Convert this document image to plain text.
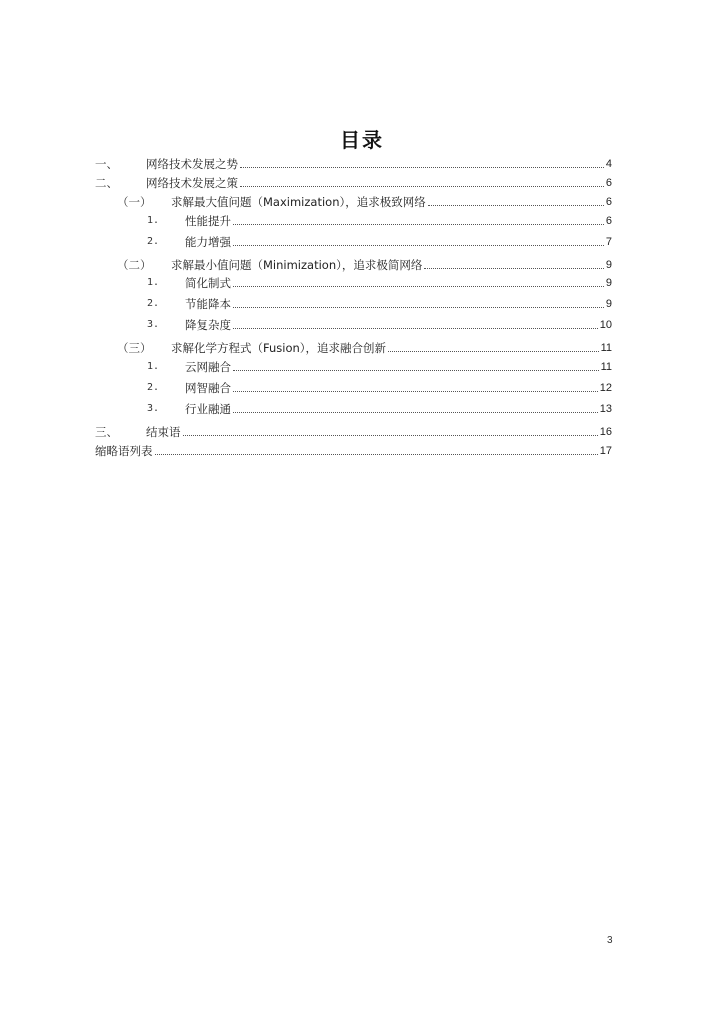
目录
一、	网络技术发展之势	4
二、	网络技术发展之策	6
（一）	求解最大值问题（Maximization），追求极致网络	6
1.	性能提升	6
2.	能力增强	7
（二）	求解最小值问题（Minimization），追求极简网络	9
1.	简化制式	9
2.	节能降本	9
3.	降复杂度	10
（三）	求解化学方程式（Fusion），追求融合创新	11
1.	云网融合	11
2.	网智融合	12
3.	行业融通	13
三、	结束语	16
缩略语列表	17
3
